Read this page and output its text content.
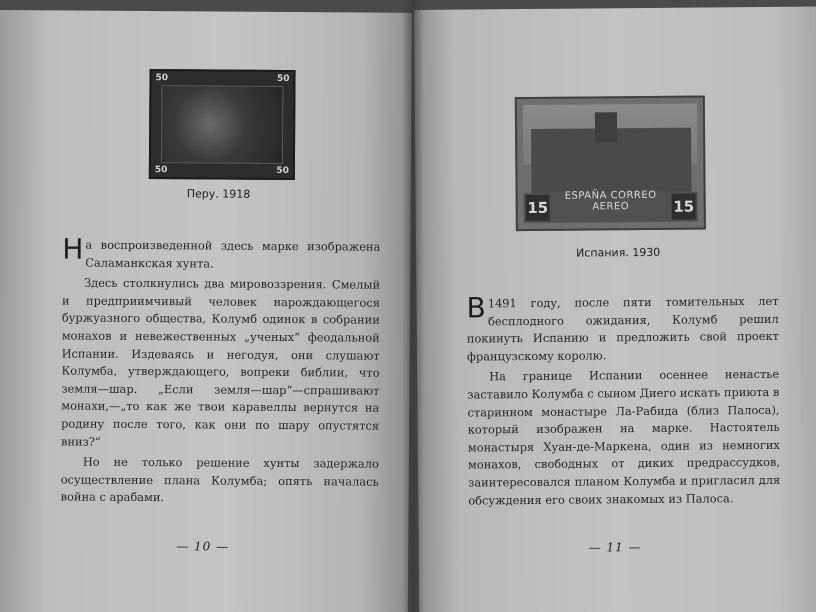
50	50
50	50
Перу. 1918

На воспроизведенной здесь марке изображена Саламанкская хунта.

Здесь столкнулись два мировоззрения. Смелый и предприимчивый человек нарождающегося буржуазного общества, Колумб одинок в собрании монахов и невежественных „ученых“ феодальной Испании. Издеваясь и негодуя, они слушают Колумба, утверждающего, вопреки библии, что земля—шар. „Если земля—шар“—спрашивают монахи,—„то как же твои каравеллы вернутся на родину после того, как они по шару опустятся вниз?“

Но не только решение хунты задержало осуществление плана Колумба; опять началась война с арабами.

— 10 —
15	15
ESPAÑA CORREO AEREO
Испания. 1930

В 1491 году, после пяти томительных лет бесплодного ожидания, Колумб решил покинуть Испанию и предложить свой проект французскому королю.

На границе Испании осеннее ненастье заставило Колумба с сыном Диего искать приюта в старинном монастыре Ла-Рабида (близ Палоса), который изображен на марке. Настоятель монастыря Хуан-де-Маркена, один из немногих монахов, свободных от диких предрассудков, заинтересовался планом Колумба и пригласил для обсуждения его своих знакомых из Палоса.

— 11 —
